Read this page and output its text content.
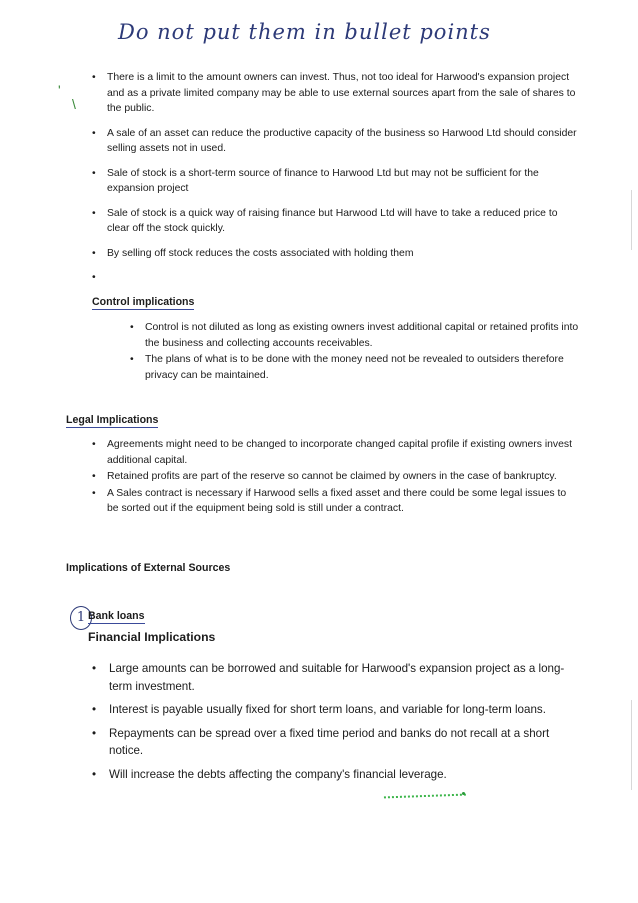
Do not put them in bullet points
'
\
• There is a limit to the amount owners can invest. Thus, not too ideal for Harwood's expansion project and as a private limited company may be able to use external sources apart from the sale of shares to the public.
• A sale of an asset can reduce the productive capacity of the business so Harwood Ltd should consider selling assets not in used.
• Sale of stock is a short-term source of finance to Harwood Ltd but may not be sufficient for the expansion project
• Sale of stock is a quick way of raising finance but Harwood Ltd will have to take a reduced price to clear off the stock quickly.
• By selling off stock reduces the costs associated with holding them
Control implications
• Control is not diluted as long as existing owners invest additional capital or retained profits into the business and collecting accounts receivables.
• The plans of what is to be done with the money need not be revealed to outsiders therefore privacy can be maintained.
Legal Implications
• Agreements might need to be changed to incorporate changed capital profile if existing owners invest additional capital.
• Retained profits are part of the reserve so cannot be claimed by owners in the case of bankruptcy.
• A Sales contract is necessary if Harwood sells a fixed asset and there could be some legal issues to be sorted out if the equipment being sold is still under a contract.
Implications of External Sources
1 Bank loans
Financial Implications
• Large amounts can be borrowed and suitable for Harwood's expansion project as a long-term investment.
• Interest is payable usually fixed for short term loans, and variable for long-term loans.
• Repayments can be spread over a fixed time period and banks do not recall at a short notice.
• Will increase the debts affecting the company's financial leverage.
